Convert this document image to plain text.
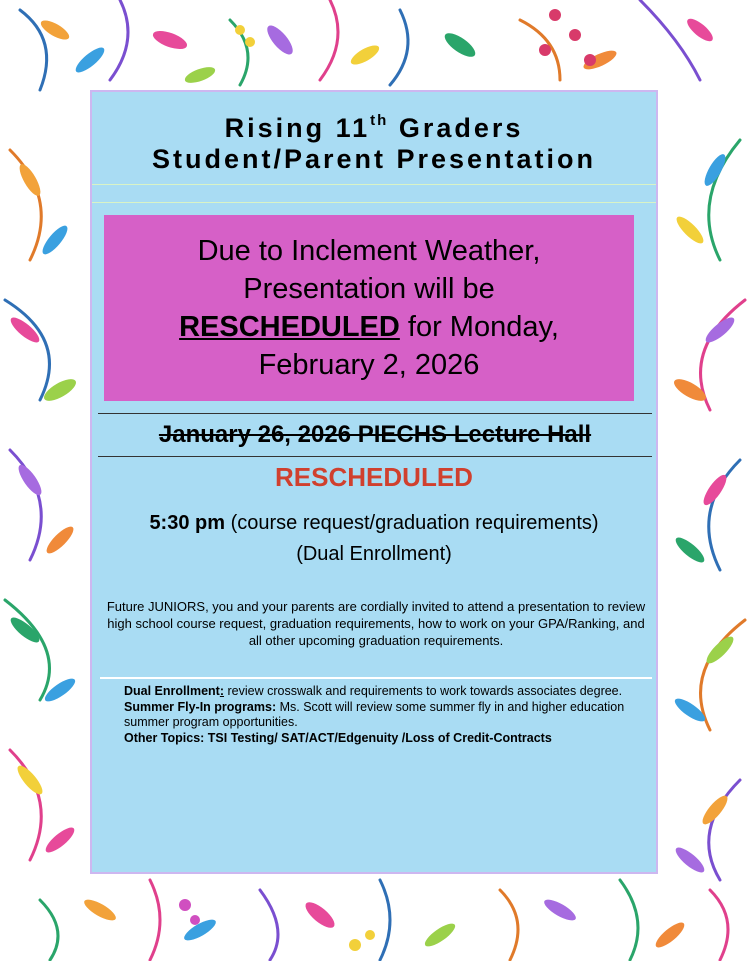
Rising 11th Graders
Student/Parent Presentation
Due to Inclement Weather,
Presentation will be
RESCHEDULED for Monday,
February 2, 2026
January 26, 2026 PIECHS Lecture Hall
RESCHEDULED
5:30 pm (course request/graduation requirements)
(Dual Enrollment)
Future JUNIORS, you and your parents are cordially invited to attend a presentation to review high school course request, graduation requirements, how to work on your GPA/Ranking, and all other upcoming graduation requirements.

Dual Enrollment: review crosswalk and requirements to work towards associates degree.

Summer Fly-In programs: Ms. Scott will review some summer fly in and higher education summer program opportunities.

Other Topics: TSI Testing/ SAT/ACT/Edgenuity /Loss of Credit-Contracts
